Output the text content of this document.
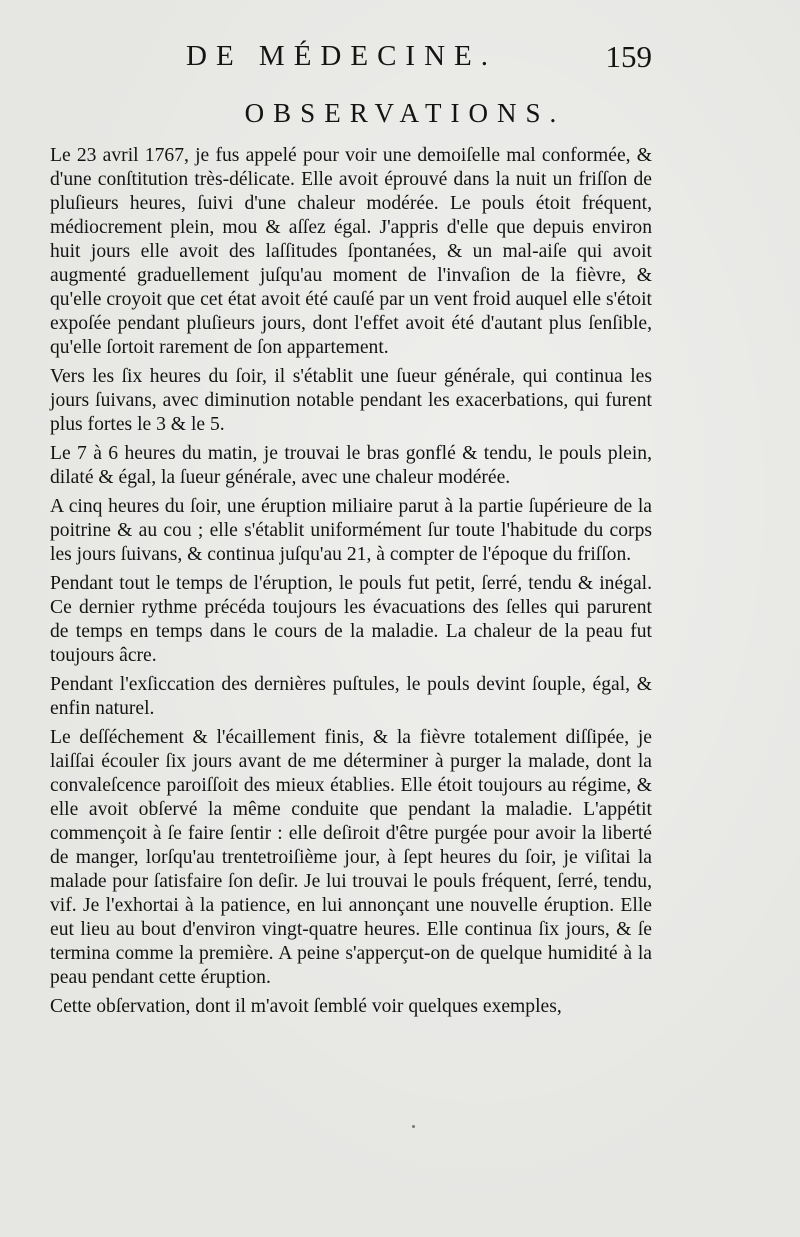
DE MÉDECINE.	159
OBSERVATIONS.

Le 23 avril 1767, je fus appelé pour voir une demoiſelle mal conformée, & d'une conſtitution très-délicate. Elle avoit éprouvé dans la nuit un friſſon de pluſieurs heures, ſuivi d'une chaleur modérée. Le pouls étoit fréquent, médiocrement plein, mou & aſſez égal. J'appris d'elle que depuis environ huit jours elle avoit des laſſitudes ſpontanées, & un mal-aiſe qui avoit augmenté graduellement juſqu'au moment de l'invaſion de la fièvre, & qu'elle croyoit que cet état avoit été cauſé par un vent froid auquel elle s'étoit expoſée pendant pluſieurs jours, dont l'effet avoit été d'autant plus ſenſible, qu'elle ſortoit rarement de ſon appartement.

Vers les ſix heures du ſoir, il s'établit une ſueur générale, qui continua les jours ſuivans, avec diminution notable pendant les exacerbations, qui furent plus fortes le 3 & le 5.

Le 7 à 6 heures du matin, je trouvai le bras gonflé & tendu, le pouls plein, dilaté & égal, la ſueur générale, avec une chaleur modérée.

A cinq heures du ſoir, une éruption miliaire parut à la partie ſupérieure de la poitrine & au cou ; elle s'établit uniformément ſur toute l'habitude du corps les jours ſuivans, & continua juſqu'au 21, à compter de l'époque du friſſon.

Pendant tout le temps de l'éruption, le pouls fut petit, ſerré, tendu & inégal. Ce dernier rythme précéda toujours les évacuations des ſelles qui parurent de temps en temps dans le cours de la maladie. La chaleur de la peau fut toujours âcre.

Pendant l'exſiccation des dernières puſtules, le pouls devint ſouple, égal, & enfin naturel.

Le deſſéchement & l'écaillement finis, & la fièvre totalement diſſipée, je laiſſai écouler ſix jours avant de me déterminer à purger la malade, dont la convaleſcence paroiſſoit des mieux établies. Elle étoit toujours au régime, & elle avoit obſervé la même conduite que pendant la maladie. L'appétit commençoit à ſe faire ſentir : elle deſiroit d'être purgée pour avoir la liberté de manger, lorſqu'au trentetroiſième jour, à ſept heures du ſoir, je viſitai la malade pour ſatisfaire ſon deſir. Je lui trouvai le pouls fréquent, ſerré, tendu, vif. Je l'exhortai à la patience, en lui annonçant une nouvelle éruption. Elle eut lieu au bout d'environ vingt-quatre heures. Elle continua ſix jours, & ſe termina comme la première. A peine s'apperçut-on de quelque humidité à la peau pendant cette éruption.

Cette obſervation, dont il m'avoit ſemblé voir quelques exemples,
